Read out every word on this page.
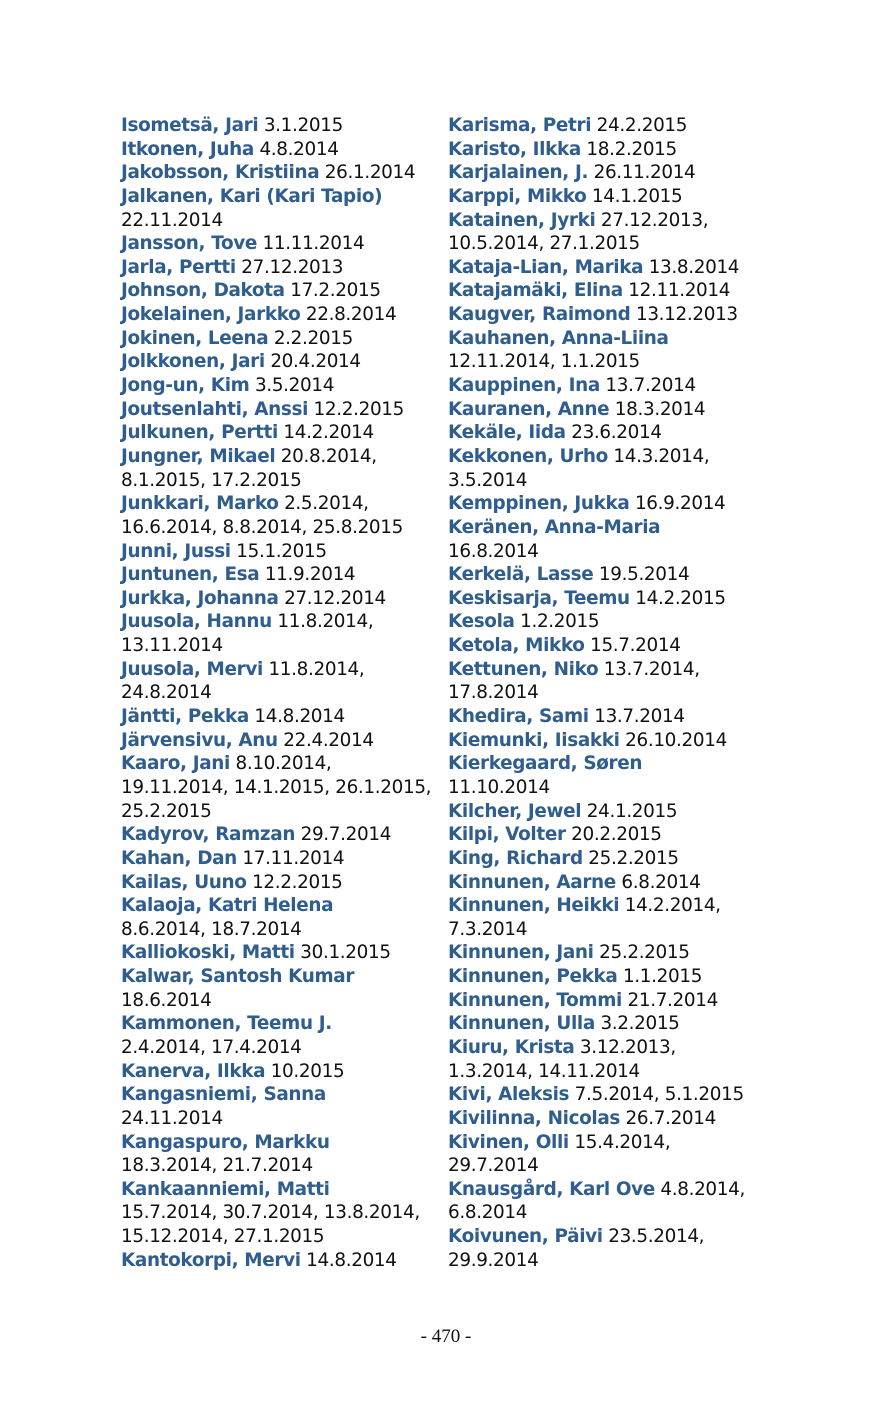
Isometsä, Jari 3.1.2015
Itkonen, Juha 4.8.2014
Jakobsson, Kristiina 26.1.2014
Jalkanen, Kari (Kari Tapio)
22.11.2014
Jansson, Tove 11.11.2014
Jarla, Pertti 27.12.2013
Johnson, Dakota 17.2.2015
Jokelainen, Jarkko 22.8.2014
Jokinen, Leena 2.2.2015
Jolkkonen, Jari 20.4.2014
Jong-un, Kim 3.5.2014
Joutsenlahti, Anssi 12.2.2015
Julkunen, Pertti 14.2.2014
Jungner, Mikael 20.8.2014,
8.1.2015, 17.2.2015
Junkkari, Marko 2.5.2014,
16.6.2014, 8.8.2014, 25.8.2015
Junni, Jussi 15.1.2015
Juntunen, Esa 11.9.2014
Jurkka, Johanna 27.12.2014
Juusola, Hannu 11.8.2014,
13.11.2014
Juusola, Mervi 11.8.2014,
24.8.2014
Jäntti, Pekka 14.8.2014
Järvensivu, Anu 22.4.2014
Kaaro, Jani 8.10.2014,
19.11.2014, 14.1.2015, 26.1.2015,
25.2.2015
Kadyrov, Ramzan 29.7.2014
Kahan, Dan 17.11.2014
Kailas, Uuno 12.2.2015
Kalaoja, Katri Helena
8.6.2014, 18.7.2014
Kalliokoski, Matti 30.1.2015
Kalwar, Santosh Kumar
18.6.2014
Kammonen, Teemu J.
2.4.2014, 17.4.2014
Kanerva, Ilkka 10.2015
Kangasniemi, Sanna
24.11.2014
Kangaspuro, Markku
18.3.2014, 21.7.2014
Kankaanniemi, Matti
15.7.2014, 30.7.2014, 13.8.2014,
15.12.2014, 27.1.2015
Kantokorpi, Mervi 14.8.2014
Karisma, Petri 24.2.2015
Karisto, Ilkka 18.2.2015
Karjalainen, J. 26.11.2014
Karppi, Mikko 14.1.2015
Katainen, Jyrki 27.12.2013,
10.5.2014, 27.1.2015
Kataja-Lian, Marika 13.8.2014
Katajamäki, Elina 12.11.2014
Kaugver, Raimond 13.12.2013
Kauhanen, Anna-Liina
12.11.2014, 1.1.2015
Kauppinen, Ina 13.7.2014
Kauranen, Anne 18.3.2014
Kekäle, Iida 23.6.2014
Kekkonen, Urho 14.3.2014,
3.5.2014
Kemppinen, Jukka 16.9.2014
Keränen, Anna-Maria
16.8.2014
Kerkelä, Lasse 19.5.2014
Keskisarja, Teemu 14.2.2015
Kesola 1.2.2015
Ketola, Mikko 15.7.2014
Kettunen, Niko 13.7.2014,
17.8.2014
Khedira, Sami 13.7.2014
Kiemunki, Iisakki 26.10.2014
Kierkegaard, Søren
11.10.2014
Kilcher, Jewel 24.1.2015
Kilpi, Volter 20.2.2015
King, Richard 25.2.2015
Kinnunen, Aarne 6.8.2014
Kinnunen, Heikki 14.2.2014,
7.3.2014
Kinnunen, Jani 25.2.2015
Kinnunen, Pekka 1.1.2015
Kinnunen, Tommi 21.7.2014
Kinnunen, Ulla 3.2.2015
Kiuru, Krista 3.12.2013,
1.3.2014, 14.11.2014
Kivi, Aleksis 7.5.2014, 5.1.2015
Kivilinna, Nicolas 26.7.2014
Kivinen, Olli 15.4.2014,
29.7.2014
Knausgård, Karl Ove 4.8.2014,
6.8.2014
Koivunen, Päivi 23.5.2014,
29.9.2014
- 470 -
